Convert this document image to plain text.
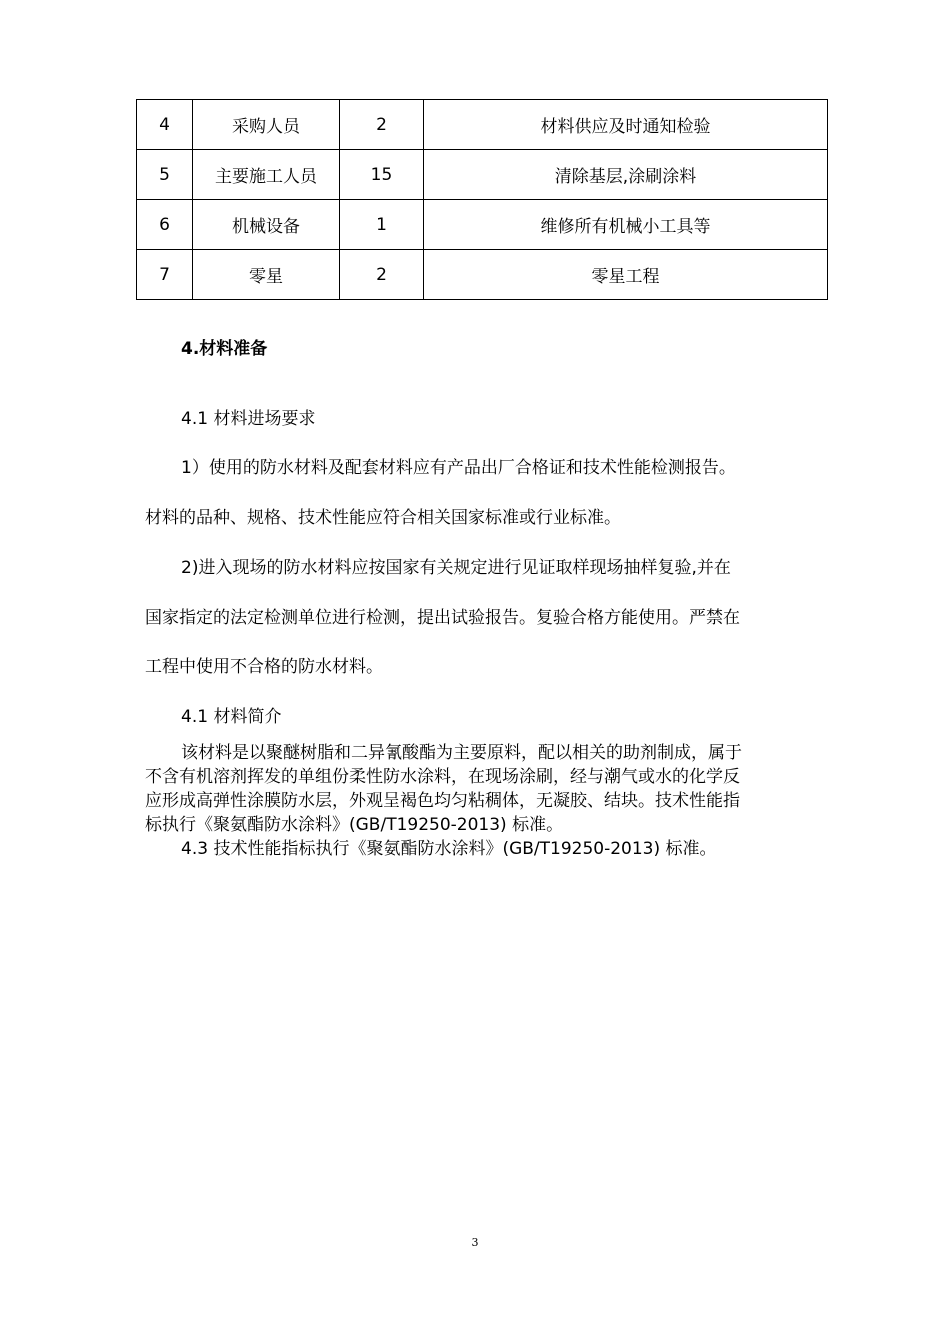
4	采购人员	2	材料供应及时通知检验
5	主要施工人员	15	清除基层,涂刷涂料
6	机械设备	1	维修所有机械小工具等
7	零星	2	零星工程
4.材料准备
4.1 材料进场要求
1）使用的防水材料及配套材料应有产品出厂合格证和技术性能检测报告。
材料的品种、规格、技术性能应符合相关国家标准或行业标准。
2)进入现场的防水材料应按国家有关规定进行见证取样现场抽样复验,并在
国家指定的法定检测单位进行检测，提出试验报告。复验合格方能使用。严禁在
工程中使用不合格的防水材料。
4.1 材料简介
该材料是以聚醚树脂和二异氰酸酯为主要原料，配以相关的助剂制成，属于
不含有机溶剂挥发的单组份柔性防水涂料，在现场涂刷，经与潮气或水的化学反
应形成高弹性涂膜防水层，外观呈褐色均匀粘稠体，无凝胶、结块。技术性能指
标执行《聚氨酯防水涂料》(GB/T19250-2013) 标准。
4.3 技术性能指标执行《聚氨酯防水涂料》(GB/T19250-2013) 标准。
3
